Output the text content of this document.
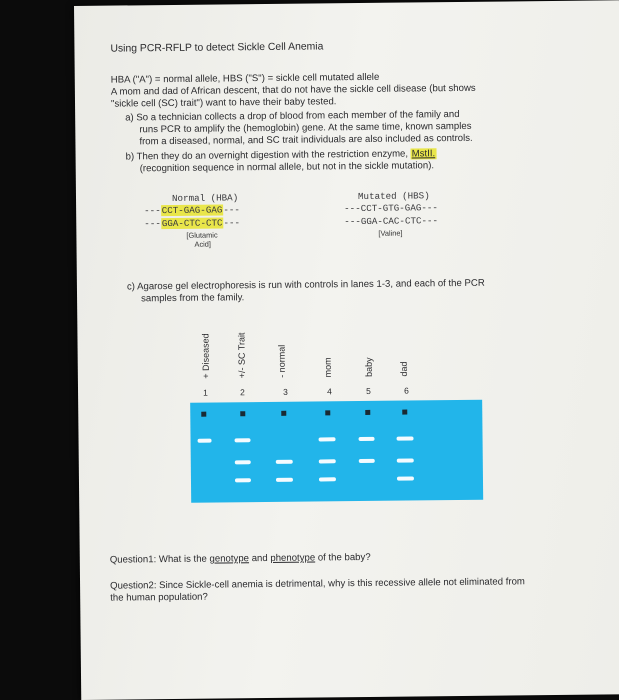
Using PCR-RFLP to detect Sickle Cell Anemia
HBA ("A") = normal allele, HBS ("S") = sickle cell mutated allele
A mom and dad of African descent, that do not have the sickle cell disease (but shows
"sickle cell (SC) trait") want to have their baby tested.
a) So a technician collects a drop of blood from each member of the family and
runs PCR to amplify the (hemoglobin) gene. At the same time, known samples
from a diseased, normal, and SC trait individuals are also included as controls.
b) Then they do an overnight digestion with the restriction enzyme, MstII.
(recognition sequence in normal allele, but not in the sickle mutation).
Normal (HBA)
---CCT-GAG-GAG---
---GGA-CTC-CTC---
[Glutamic
Acid]
Mutated (HBS)
---CCT-GTG-GAG---
---GGA-CAC-CTC---
[Valine]
c) Agarose gel electrophoresis is run with controls in lanes 1-3, and each of the PCR
samples from the family.
+ Diseased	+/- SC Trait	- normal	mom	baby	dad
1	2	3	4	5	6
Question1: What is the genotype and phenotype of the baby?
Question2: Since Sickle-cell anemia is detrimental, why is this recessive allele not eliminated from
the human population?
